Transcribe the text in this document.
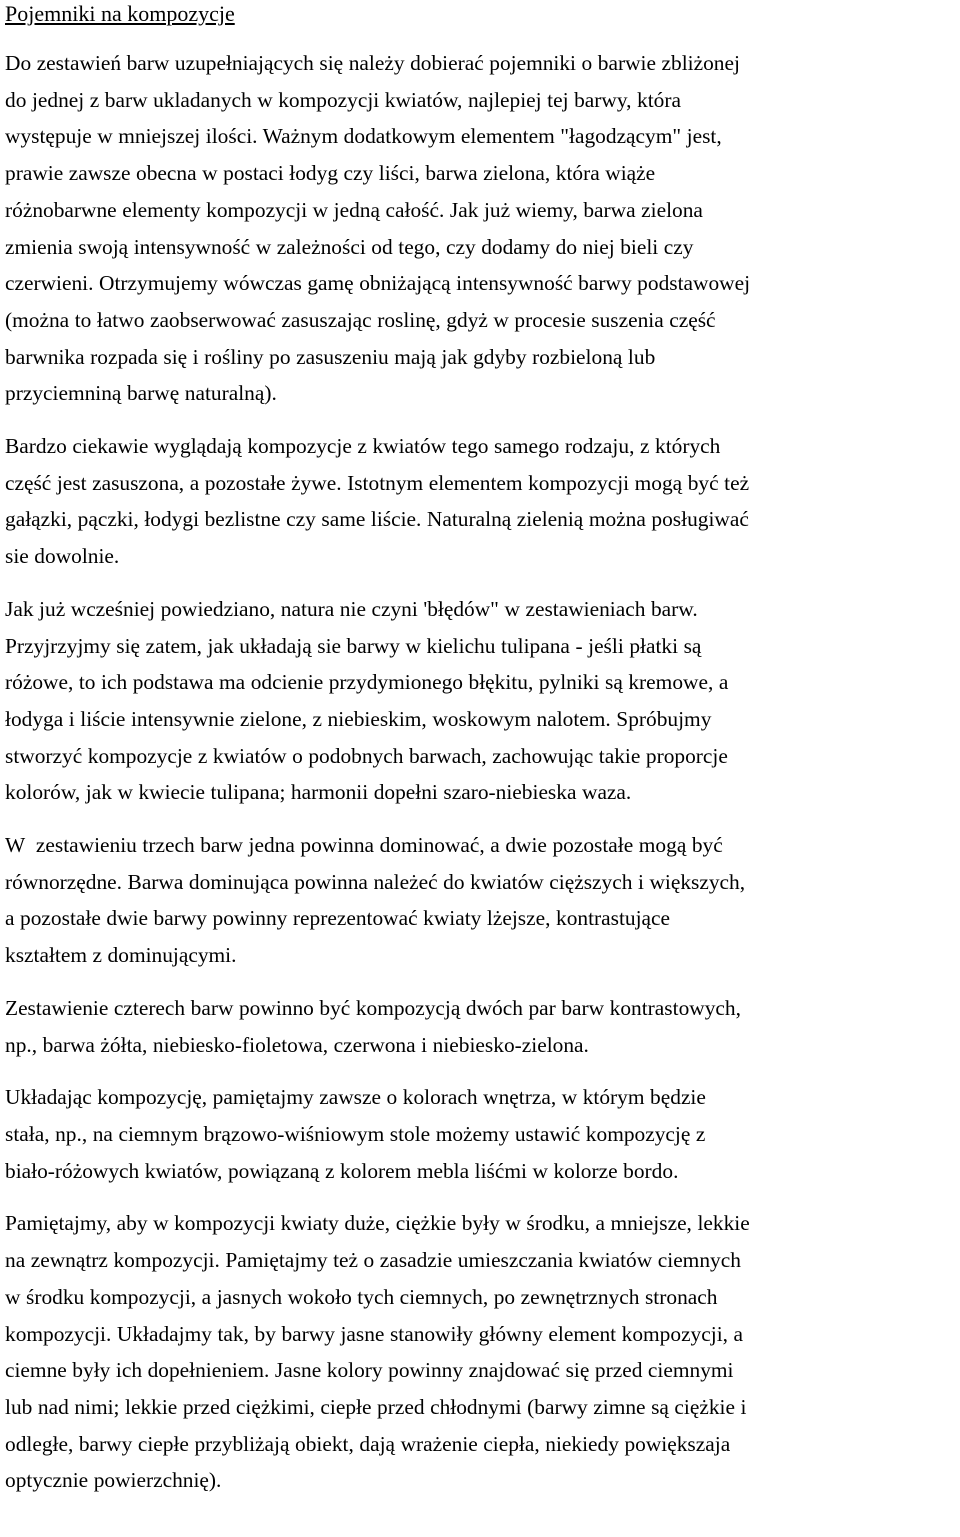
Pojemniki na kompozycje

Do zestawień barw uzupełniających się należy dobierać pojemniki o barwie zbliżonej
do jednej z barw ukladanych w kompozycji kwiatów, najlepiej tej barwy, która
występuje w mniejszej ilości. Ważnym dodatkowym elementem "łagodzącym" jest,
prawie zawsze obecna w postaci łodyg czy liści, barwa zielona, która wiąże
różnobarwne elementy kompozycji w jedną całość. Jak już wiemy, barwa zielona
zmienia swoją intensywność w zależności od tego, czy dodamy do niej bieli czy
czerwieni. Otrzymujemy wówczas gamę obniżającą intensywność barwy podstawowej
(można to łatwo zaobserwować zasuszając roslinę, gdyż w procesie suszenia część
barwnika rozpada się i rośliny po zasuszeniu mają jak gdyby rozbieloną lub
przyciemniną barwę naturalną).

Bardzo ciekawie wyglądają kompozycje z kwiatów tego samego rodzaju, z których
część jest zasuszona, a pozostałe żywe. Istotnym elementem kompozycji mogą być też
gałązki, pączki, łodygi bezlistne czy same liście. Naturalną zielenią można posługiwać
sie dowolnie.

Jak już wcześniej powiedziano, natura nie czyni 'błędów" w zestawieniach barw.
Przyjrzyjmy się zatem, jak układają sie barwy w kielichu tulipana - jeśli płatki są
różowe, to ich podstawa ma odcienie przydymionego błękitu, pylniki są kremowe, a
łodyga i liście intensywnie zielone, z niebieskim, woskowym nalotem. Spróbujmy
stworzyć kompozycje z kwiatów o podobnych barwach, zachowując takie proporcje
kolorów, jak w kwiecie tulipana; harmonii dopełni szaro-niebieska waza.

W  zestawieniu trzech barw jedna powinna dominować, a dwie pozostałe mogą być
równorzędne. Barwa dominująca powinna należeć do kwiatów cięższych i większych,
a pozostałe dwie barwy powinny reprezentować kwiaty lżejsze, kontrastujące
kształtem z dominującymi.

Zestawienie czterech barw powinno być kompozycją dwóch par barw kontrastowych,
np., barwa żółta, niebiesko-fioletowa, czerwona i niebiesko-zielona.

Układając kompozycję, pamiętajmy zawsze o kolorach wnętrza, w którym będzie
stała, np., na ciemnym brązowo-wiśniowym stole możemy ustawić kompozycję z
biało-różowych kwiatów, powiązaną z kolorem mebla liśćmi w kolorze bordo.

Pamiętajmy, aby w kompozycji kwiaty duże, ciężkie były w środku, a mniejsze, lekkie
na zewnątrz kompozycji. Pamiętajmy też o zasadzie umieszczania kwiatów ciemnych
w środku kompozycji, a jasnych wokoło tych ciemnych, po zewnętrznych stronach
kompozycji. Układajmy tak, by barwy jasne stanowiły główny element kompozycji, a
ciemne były ich dopełnieniem. Jasne kolory powinny znajdować się przed ciemnymi
lub nad nimi; lekkie przed ciężkimi, ciepłe przed chłodnymi (barwy zimne są ciężkie i
odległe, barwy ciepłe przybliżają obiekt, dają wrażenie ciepła, niekiedy powiększaja
optycznie powierzchnię).
